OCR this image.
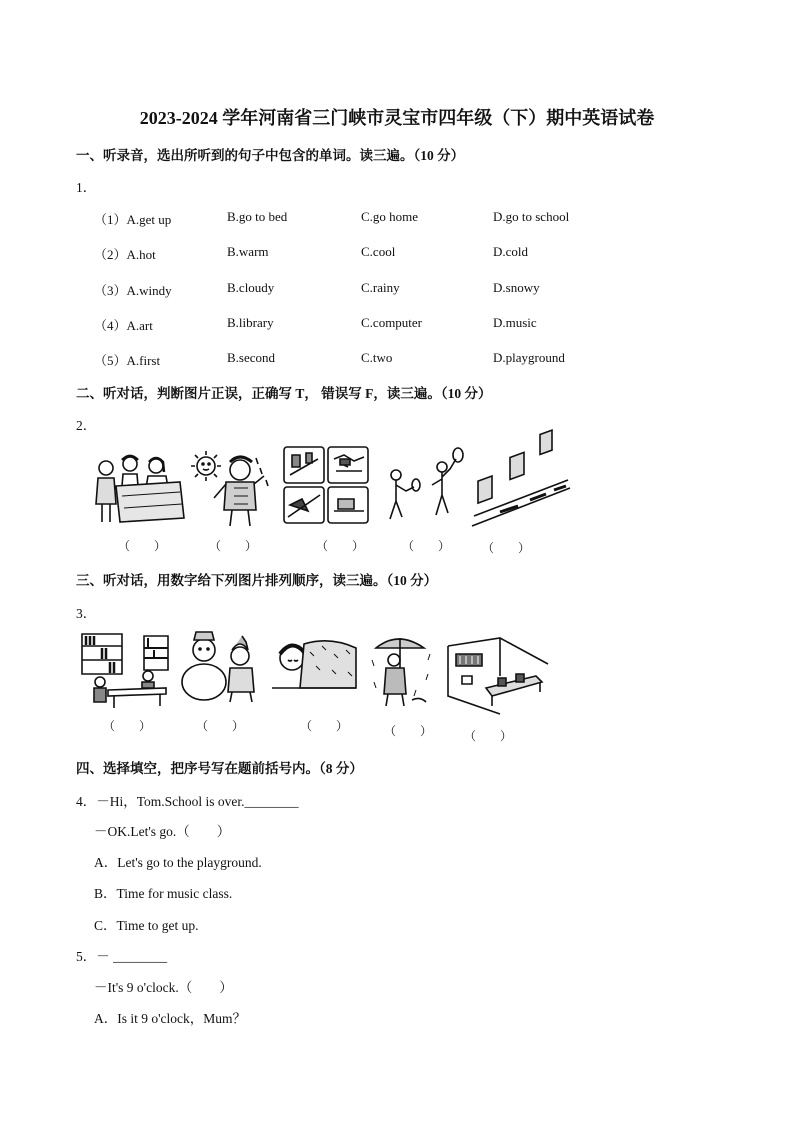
2023-2024 学年河南省三门峡市灵宝市四年级（下）期中英语试卷
一、听录音，选出所听到的句子中包含的单词。读三遍。（10 分）
1．
（1）A.get up	B.go to bed	C.go home	D.go to school
（2）A.hot	B.warm	C.cool	D.cold
（3）A.windy	B.cloudy	C.rainy	D.snowy
（4）A.art	B.library	C.computer	D.music
（5）A.first	B.second	C.two	D.playground
二、听对话，判断图片正误，正确写 T， 错误写 F，读三遍。（10 分）
2．
（　　）	（　　）	（　　）	（　　）	（　　）
三、听对话，用数字给下列图片排列顺序，读三遍。（10 分）
3．
（　　）	（　　）	（　　）	（　　）	（　　）
四、选择填空，把序号写在题前括号内。（8 分）
4．－Hi，Tom.School is over.________
－OK.Let's go.（　　）
A．Let's go to the playground.
B．Time for music class.
C．Time to get up.
5．－ ________
－It's 9 o'clock.（　　）
A．Is it 9 o'clock，Mum？
